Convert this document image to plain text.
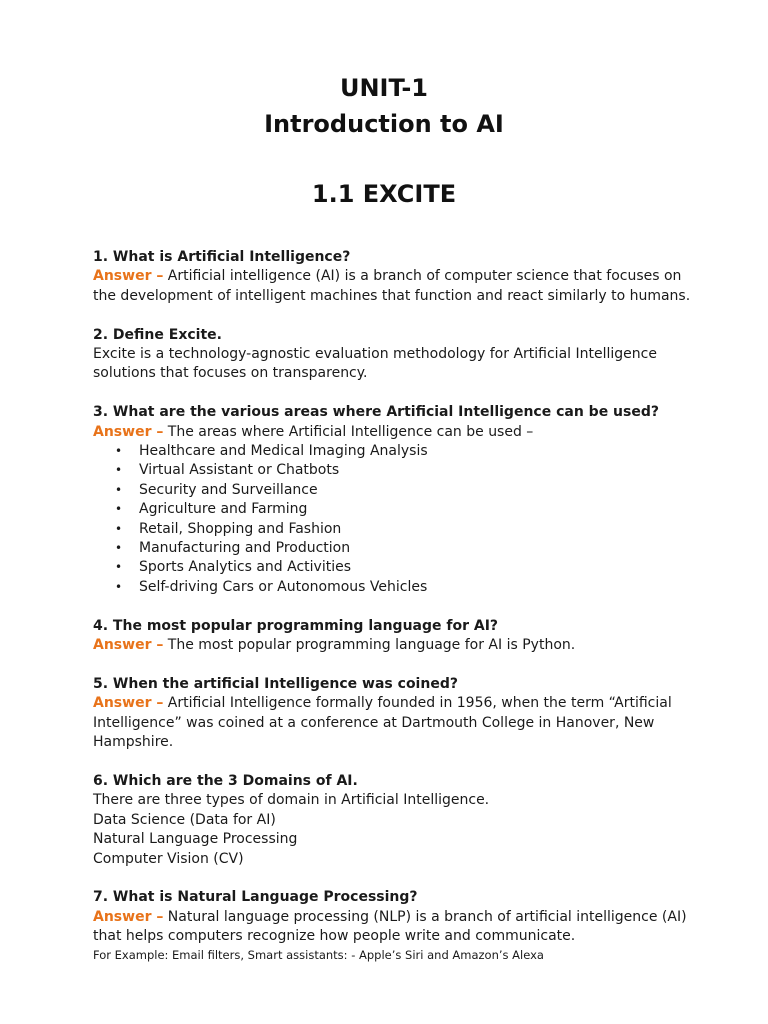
UNIT-1
Introduction to AI
1.1 EXCITE

1. What is Artificial Intelligence?

Answer – Artificial intelligence (AI) is a branch of computer science that focuses on the development of intelligent machines that function and react similarly to humans.

2. Define Excite.

Excite is a technology-agnostic evaluation methodology for Artificial Intelligence solutions that focuses on transparency.

3. What are the various areas where Artificial Intelligence can be used?

Answer – The areas where Artificial Intelligence can be used –

• Healthcare and Medical Imaging Analysis
• Virtual Assistant or Chatbots
• Security and Surveillance
• Agriculture and Farming
• Retail, Shopping and Fashion
• Manufacturing and Production
• Sports Analytics and Activities
• Self-driving Cars or Autonomous Vehicles

4. The most popular programming language for AI?

Answer – The most popular programming language for AI is Python.

5. When the artificial Intelligence was coined?

Answer – Artificial Intelligence formally founded in 1956, when the term “Artificial Intelligence” was coined at a conference at Dartmouth College in Hanover, New Hampshire.

6. Which are the 3 Domains of AI.

There are three types of domain in Artificial Intelligence.

Data Science (Data for AI)

Natural Language Processing

Computer Vision (CV)

7. What is Natural Language Processing?

Answer – Natural language processing (NLP) is a branch of artificial intelligence (AI) that helps computers recognize how people write and communicate.

For Example: Email filters, Smart assistants: - Apple’s Siri and Amazon’s Alexa
